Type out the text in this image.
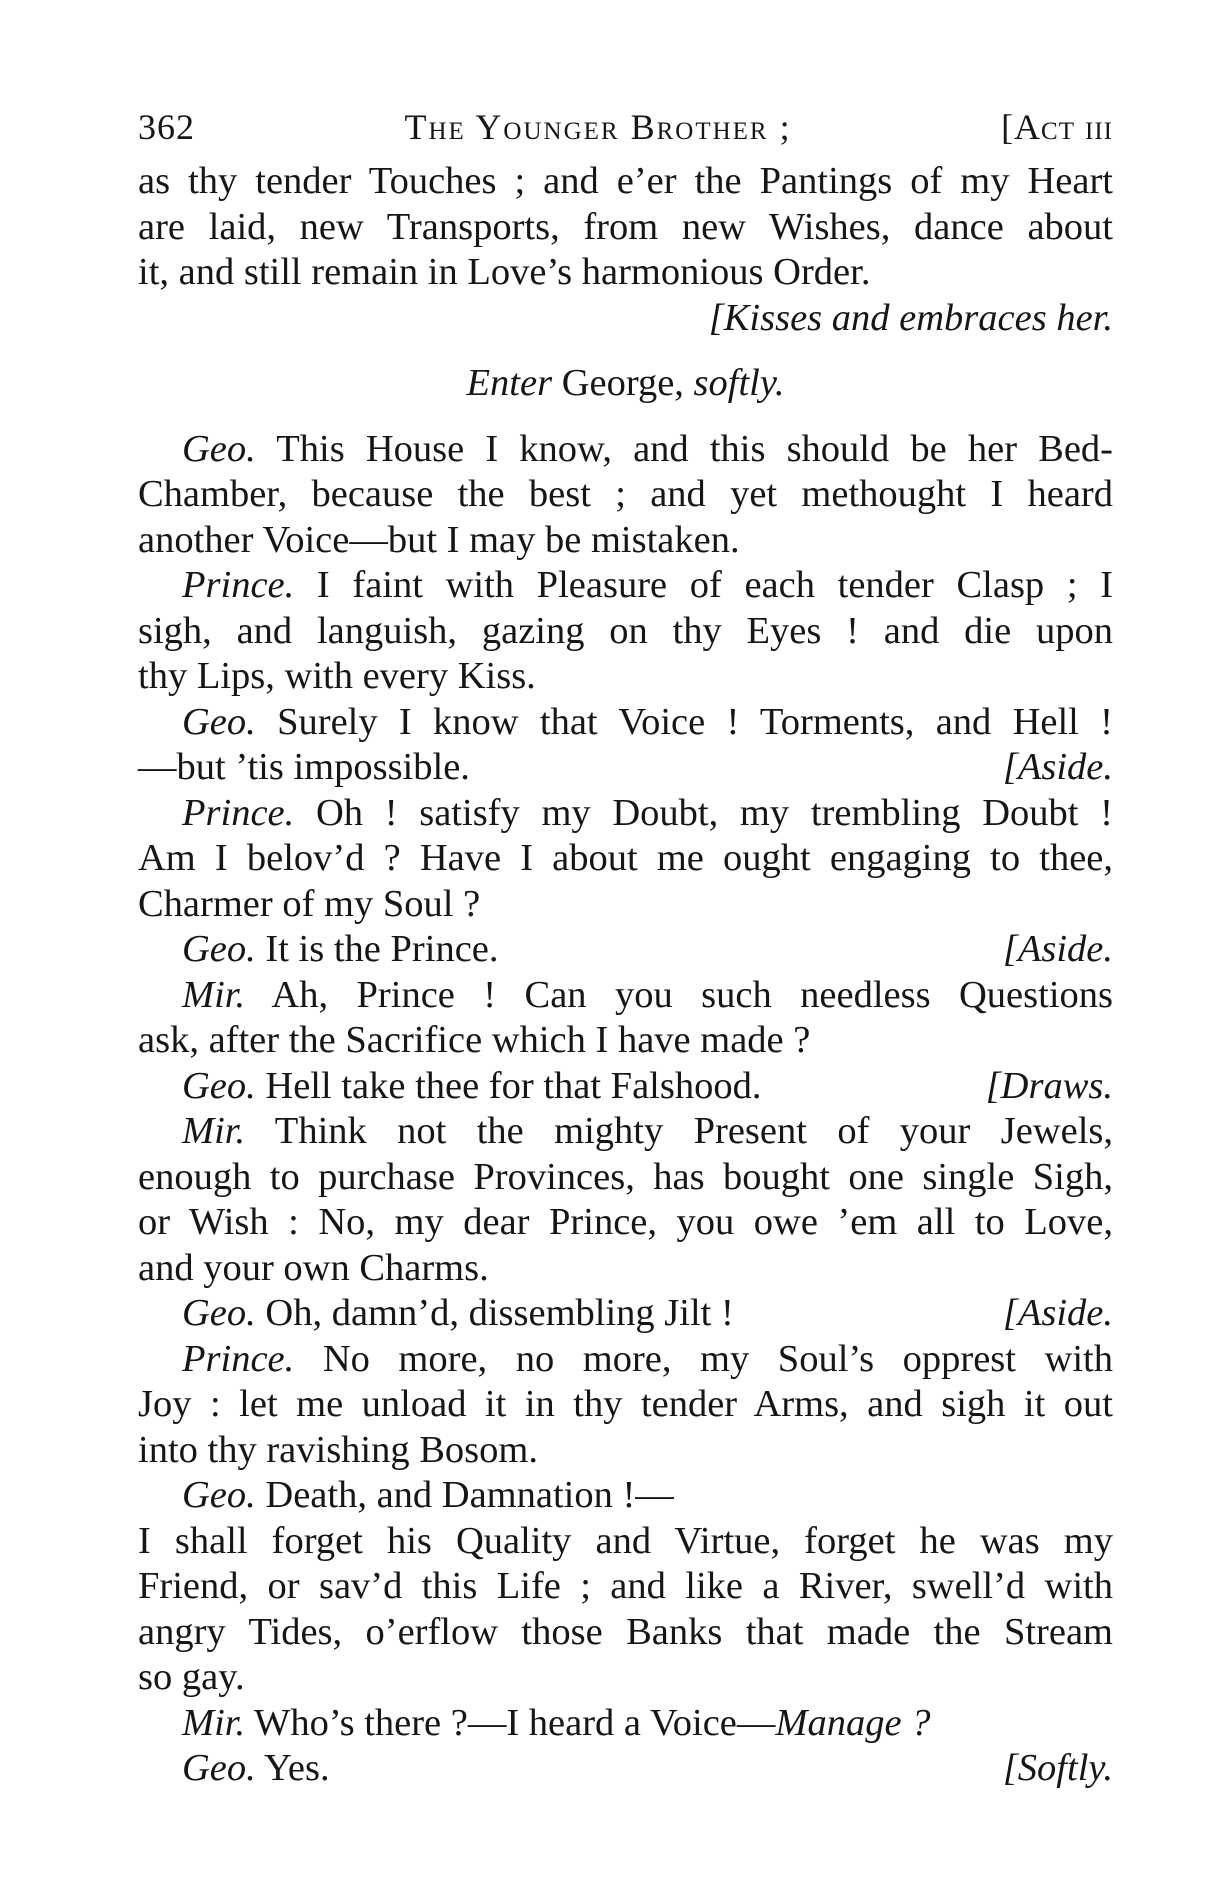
362	The Younger Brother ;	[Act iii
as thy tender Touches ; and e’er the Pantings of my Heart
are laid, new Transports, from new Wishes, dance about
it, and still remain in Love’s harmonious Order.
[Kisses and embraces her.
Enter George, softly.
Geo. This House I know, and this should be her Bed-
Chamber, because the best ; and yet methought I heard
another Voice—but I may be mistaken.
Prince. I faint with Pleasure of each tender Clasp ; I
sigh, and languish, gazing on thy Eyes ! and die upon
thy Lips, with every Kiss.
Geo. Surely I know that Voice ! Torments, and Hell !
—but ’tis impossible.	[Aside.
Prince. Oh ! satisfy my Doubt, my trembling Doubt !
Am I belov’d ? Have I about me ought engaging to thee,
Charmer of my Soul ?
Geo. It is the Prince.	[Aside.
Mir. Ah, Prince ! Can you such needless Questions
ask, after the Sacrifice which I have made ?
Geo. Hell take thee for that Falshood.	[Draws.
Mir. Think not the mighty Present of your Jewels,
enough to purchase Provinces, has bought one single Sigh,
or Wish : No, my dear Prince, you owe ’em all to Love,
and your own Charms.
Geo. Oh, damn’d, dissembling Jilt !	[Aside.
Prince. No more, no more, my Soul’s opprest with
Joy : let me unload it in thy tender Arms, and sigh it out
into thy ravishing Bosom.
Geo. Death, and Damnation !—
I shall forget his Quality and Virtue, forget he was my
Friend, or sav’d this Life ; and like a River, swell’d with
angry Tides, o’erflow those Banks that made the Stream
so gay.
Mir. Who’s there ?—I heard a Voice—Manage ?
Geo. Yes.	[Softly.
